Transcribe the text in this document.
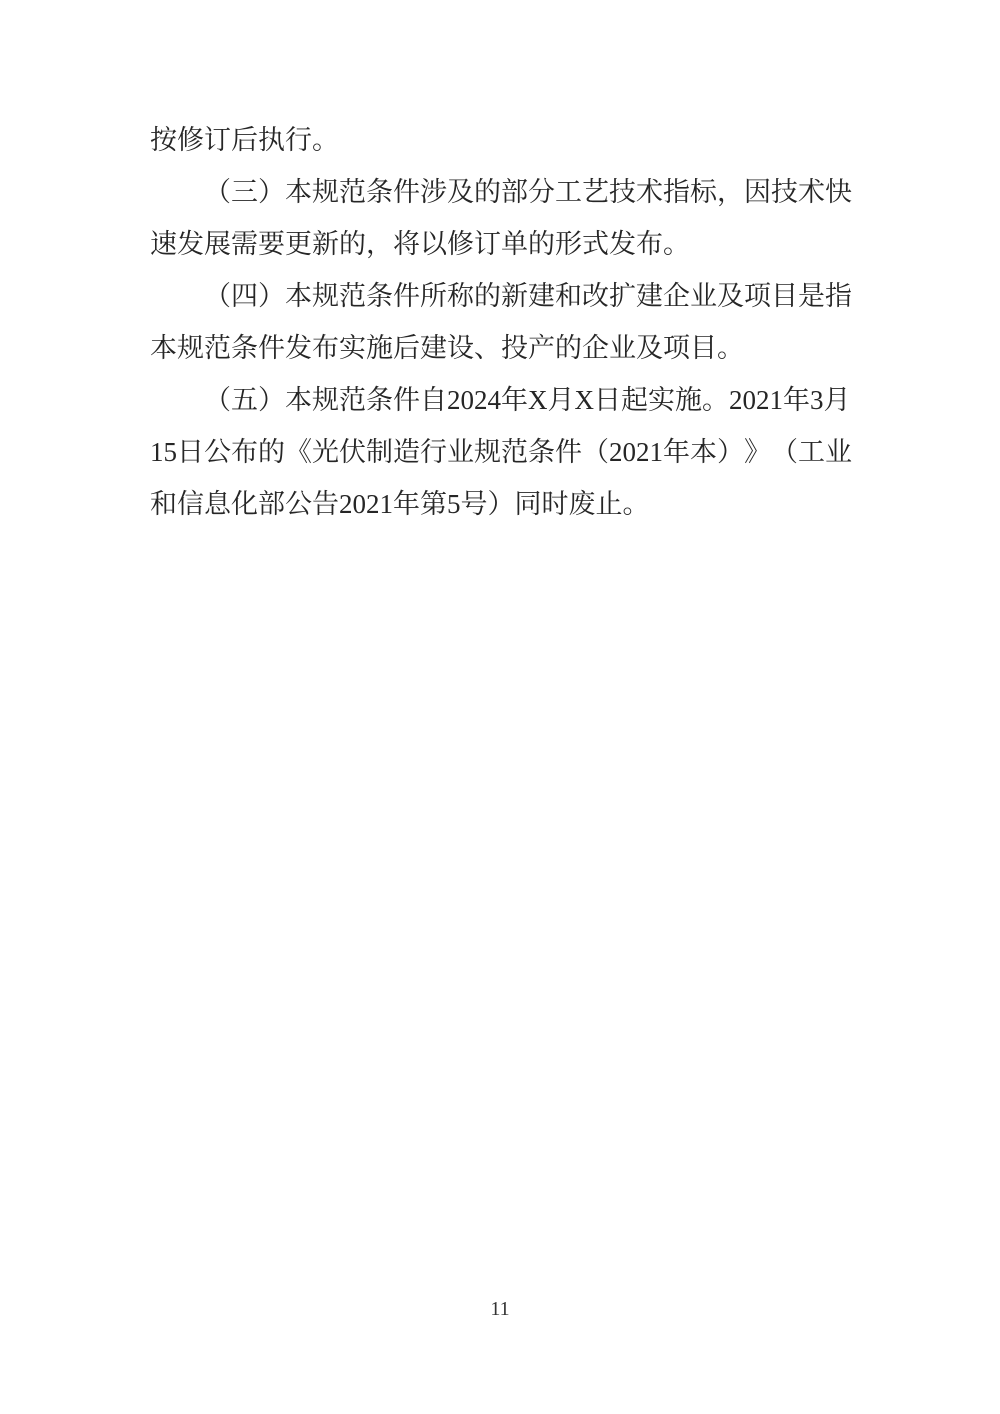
按修订后执行。
（ 三 ） 本 规 范 条 件 涉 及 的 部 分 工 艺 技 术 指 标 ， 因 技 术 快
速发展需要更新的，将以修订单的形式发布。
（ 四 ） 本 规 范 条 件 所 称 的 新 建 和 改 扩 建 企 业 及 项 目 是 指
本规范条件发布实施后建设、投产的企业及项目。
（ 五 ） 本 规 范 条 件 自 2024 年 X 月 X 日 起 实 施 。 2021 年 3 月
15 日 公 布 的 《 光 伏 制 造 行 业 规 范 条 件 （ 2021 年 本 ） 》 （ 工 业
和信息化部公告2021年第5号）同时废止。
11
